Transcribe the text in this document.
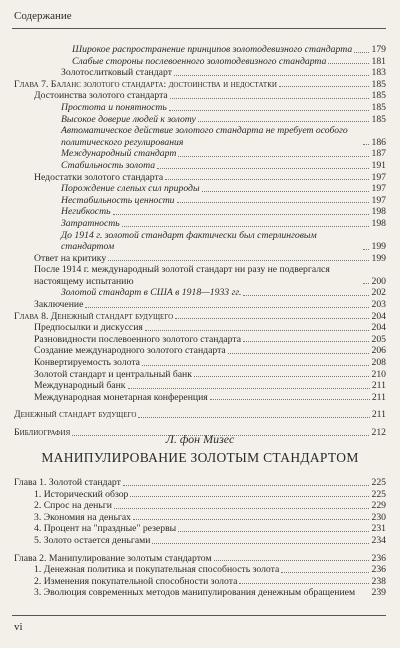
Содержание
Широкое распространение принципов золотодевизного стандарта 179
Слабые стороны послевоенного золотодевизного стандарта	181
Золотослитковый стандарт	183
Глава 7. Баланс золотого стандарта: достоинства и недостатки	185
Достоинства золотого стандарта	185
Простота и понятность	185
Высокое доверие людей к золоту	185
Автоматическое действие золотого стандарта не требует особого политического регулирования	186
Международный стандарт	187
Стабильность золота	191
Недостатки золотого стандарта	197
Порождение слепых сил природы	197
Нестабильность ценности	197
Негибкость	198
Затратность	198
До 1914 г. золотой стандарт фактически был стерлинговым стандартом	199
Ответ на критику	199
После 1914 г. международный золотой стандарт ни разу не подвергался настоящему испытанию	200
Золотой стандарт в США в 1918—1933 гг.	202
Заключение	203
Глава 8. Денежный стандарт будущего	204
Предпосылки и дискуссия	204
Разновидности послевоенного золотого стандарта	205
Создание международного золотого стандарта	206
Конвертируемость золота	208
Золотой стандарт и центральный банк	210
Международный банк	211
Международная монетарная конференция	211
Денежный стандарт будущего	211
Библиография	212
Л. фон Мизес
МАНИПУЛИРОВАНИЕ ЗОЛОТЫМ СТАНДАРТОМ
Глава 1. Золотой стандарт	225
1. Исторический обзор	225
2. Спрос на деньги	229
3. Экономия на деньгах	230
4. Процент на "праздные" резервы	231
5. Золото остается деньгами	234
Глава 2. Манипулирование золотым стандартом	236
1. Денежная политика и покупательная способность золота	236
2. Изменения покупательной способности золота	238
3. Эволюция современных методов манипулирования денежным обращением 239
vi
